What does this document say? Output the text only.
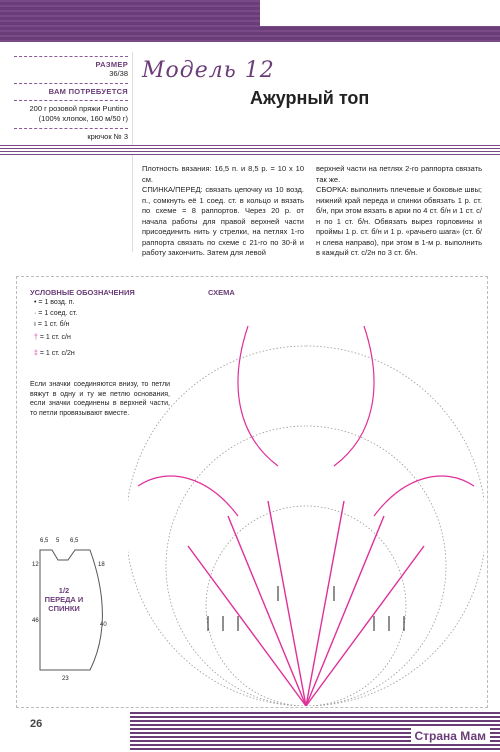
РАЗМЕР
36/38
ВАМ ПОТРЕБУЕТСЯ
200 г розовой пряжи Puntino
(100% хлопок, 160 м/50 г)
крючок № 3
Модель 12
Ажурный топ
Плотность вязания: 16,5 п. и 8,5 р. = 10 х 10 см.
СПИНКА/ПЕРЕД: связать цепочку из 10 возд. п., сомкнуть её 1 соед. ст. в кольцо и вязать по схеме = 8 раппортов. Через 20 р. от начала работы для правой верхней части присоединить нить у стрелки, на петлях 1-го раппорта связать по схеме с 21-го по 30-й и работу закончить. Затем для левой
верхней части на петлях 2-го раппорта связать так же.
СБОРКА: выполнить плечевые и боковые швы; нижний край переда и спинки обвязать 1 р. ст. б/н, при этом вязать в арки по 4 ст. б/н и 1 ст. с/н по 1 ст. б/н. Обвязать вырез горловины и проймы 1 р. ст. б/н и 1 р. «рачьего шага» (ст. б/н слева направо), при этом в 1-м р. выполнить в каждый ст. с/2н по 3 ст. б/н.
УСЛОВНЫЕ ОБОЗНАЧЕНИЯ	СХЕМА
• = 1 возд. п.
· = 1 соед. ст.
ı = 1 ст. б/н
† = 1 ст. с/н
‡ = 1 ст. с/2н
Если значки соединяются внизу, то петли вяжут в одну и ту же петлю основания, если значки соединены в верхней части, то петли провязывают вместе.
1/2
ПЕРЕДА И СПИНКИ
6,5 5 6,5
18
12
40
46
23
26
Страна Мам
